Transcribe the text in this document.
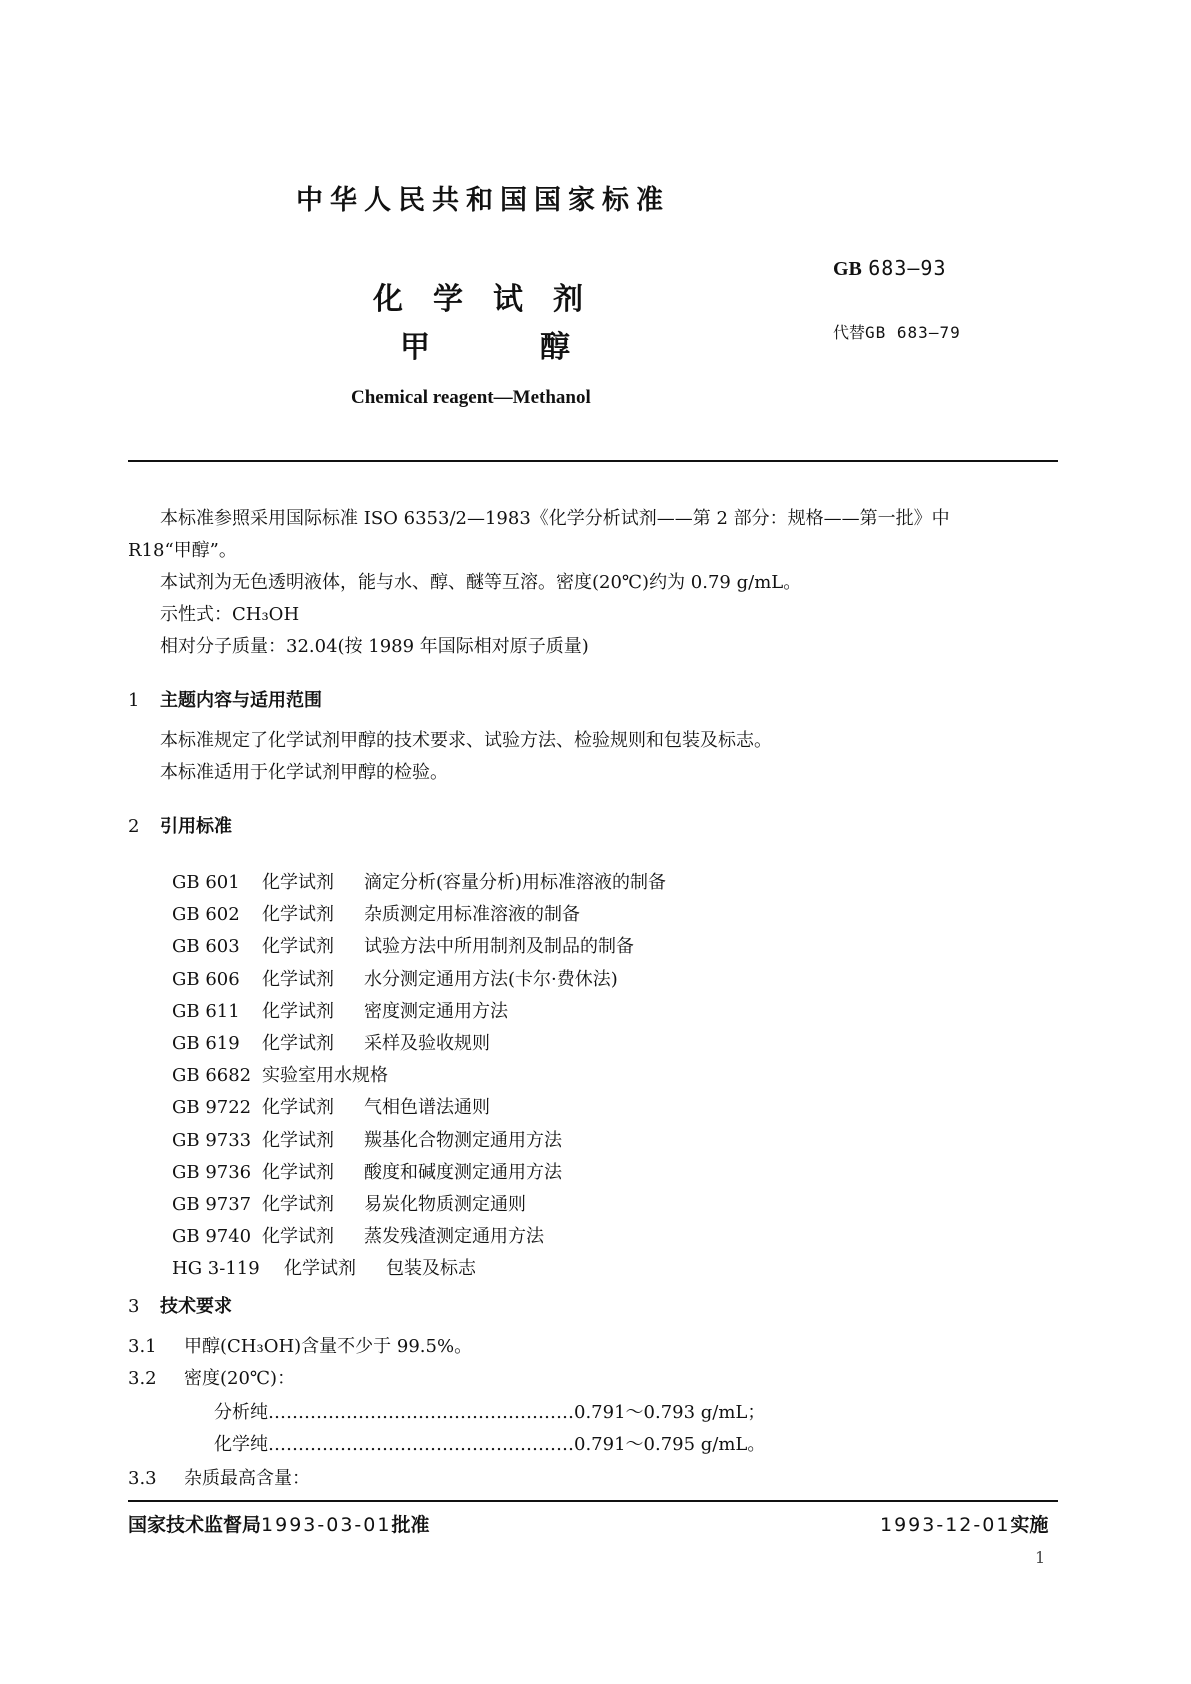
中华人民共和国国家标准
化学试剂
甲	醇
Chemical reagent—Methanol
GB 683—93
代替GB 683—79
本标准参照采用国际标准 ISO 6353/2—1983《化学分析试剂——第 2 部分：规格——第一批》中
R18“甲醇”。
本试剂为无色透明液体，能与水、醇、醚等互溶。密度(20℃)约为 0.79 g/mL。
示性式：CH₃OH
相对分子质量：32.04(按 1989 年国际相对原子质量)
1 主题内容与适用范围
本标准规定了化学试剂甲醇的技术要求、试验方法、检验规则和包装及标志。
本标准适用于化学试剂甲醇的检验。
2 引用标准
GB 601 化学试剂 滴定分析(容量分析)用标准溶液的制备
GB 602 化学试剂 杂质测定用标准溶液的制备
GB 603 化学试剂 试验方法中所用制剂及制品的制备
GB 606 化学试剂 水分测定通用方法(卡尔·费休法)
GB 611 化学试剂 密度测定通用方法
GB 619 化学试剂 采样及验收规则
GB 6682 实验室用水规格
GB 9722 化学试剂 气相色谱法通则
GB 9733 化学试剂 羰基化合物测定通用方法
GB 9736 化学试剂 酸度和碱度测定通用方法
GB 9737 化学试剂 易炭化物质测定通则
GB 9740 化学试剂 蒸发残渣测定通用方法
HG 3-119 化学试剂 包装及标志
3 技术要求
3.1 甲醇(CH₃OH)含量不少于 99.5%。
3.2 密度(20℃)：
分析纯……………………………………………0.791～0.793 g/mL；
化学纯……………………………………………0.791～0.795 g/mL。
3.3 杂质最高含量：
国家技术监督局1993-03-01批准	1993-12-01实施
1
